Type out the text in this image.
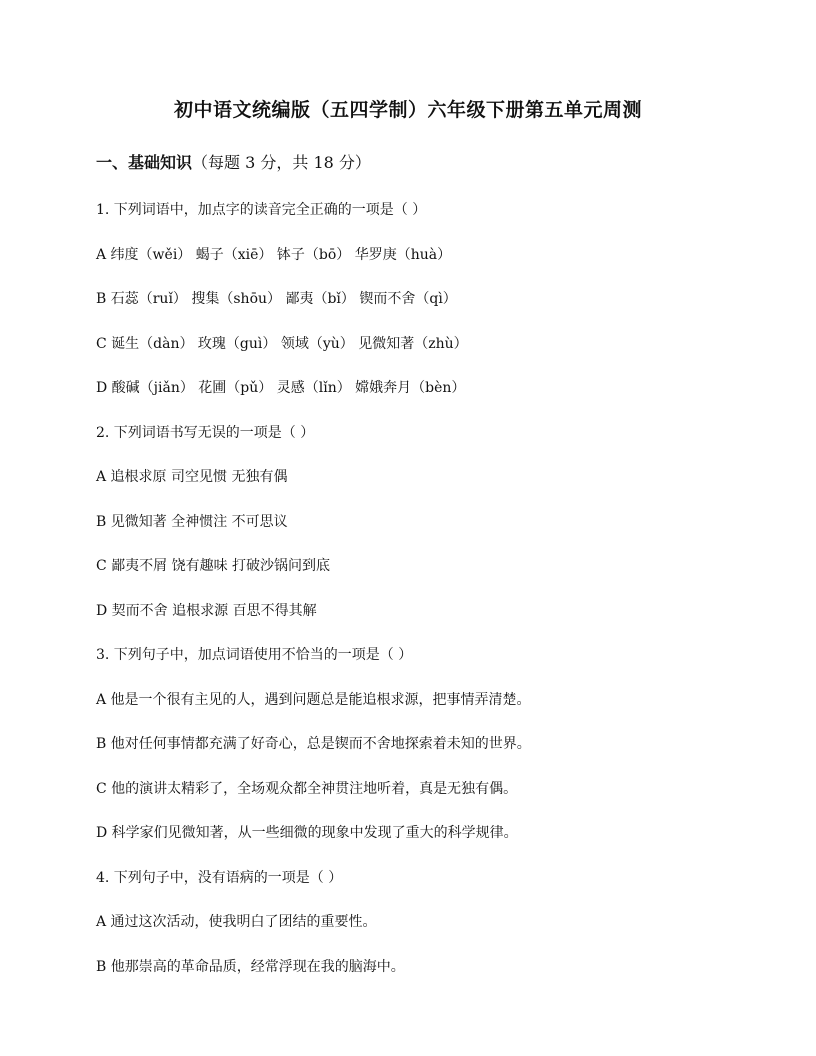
初中语文统编版（五四学制）六年级下册第五单元周测
一、基础知识（每题 3 分，共 18 分）
1. 下列词语中，加点字的读音完全正确的一项是（ ）
A 纬度（wěi） 蝎子（xiē） 钵子（bō） 华罗庚（huà）
B 石蕊（ruǐ） 搜集（shōu） 鄙夷（bǐ） 锲而不舍（qì）
C 诞生（dàn） 玫瑰（guì） 领域（yù） 见微知著（zhù）
D 酸碱（jiǎn） 花圃（pǔ） 灵感（lǐn） 嫦娥奔月（bèn）
2. 下列词语书写无误的一项是（ ）
A 追根求原 司空见惯 无独有偶
B 见微知著 全神惯注 不可思议
C 鄙夷不屑 饶有趣味 打破沙锅问到底
D 契而不舍 追根求源 百思不得其解
3. 下列句子中，加点词语使用不恰当的一项是（ ）
A 他是一个很有主见的人，遇到问题总是能追根求源，把事情弄清楚。
B 他对任何事情都充满了好奇心，总是锲而不舍地探索着未知的世界。
C 他的演讲太精彩了，全场观众都全神贯注地听着，真是无独有偶。
D 科学家们见微知著，从一些细微的现象中发现了重大的科学规律。
4. 下列句子中，没有语病的一项是（ ）
A 通过这次活动，使我明白了团结的重要性。
B 他那崇高的革命品质，经常浮现在我的脑海中。
